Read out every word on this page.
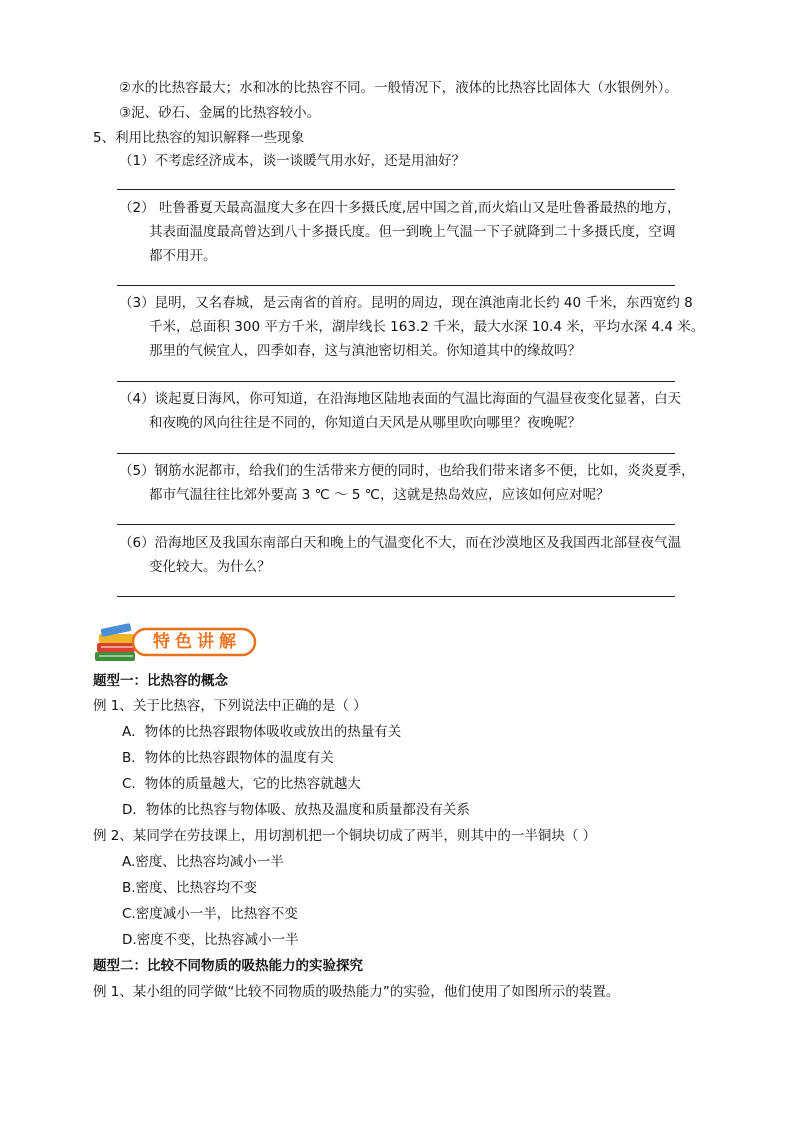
②水的比热容最大；水和冰的比热容不同。一般情况下，液体的比热容比固体大（水银例外）。
③泥、砂石、金属的比热容较小。
5、利用比热容的知识解释一些现象
（1）不考虑经济成本，谈一谈暖气用水好，还是用油好？
（2） 吐鲁番夏天最高温度大多在四十多摄氏度,居中国之首,而火焰山又是吐鲁番最热的地方，
其表面温度最高曾达到八十多摄氏度。但一到晚上气温一下子就降到二十多摄氏度，空调
都不用开。
（3）昆明，又名春城，是云南省的首府。昆明的周边，现在滇池南北长约 40 千米，东西宽约 8
千米，总面积 300 平方千米，湖岸线长 163.2 千米，最大水深 10.4 米，平均水深 4.4 米。
那里的气候宜人，四季如春，这与滇池密切相关。你知道其中的缘故吗？
（4）谈起夏日海风，你可知道，在沿海地区陆地表面的气温比海面的气温昼夜变化显著，白天
和夜晚的风向往往是不同的，你知道白天风是从哪里吹向哪里？夜晚呢？
（5）钢筋水泥都市，给我们的生活带来方便的同时，也给我们带来诸多不便，比如，炎炎夏季，
都市气温往往比郊外要高 3 ℃ ～ 5 ℃，这就是热岛效应，应该如何应对呢？
（6）沿海地区及我国东南部白天和晚上的气温变化不大，而在沙漠地区及我国西北部昼夜气温
变化较大。为什么？
特色讲解
题型一：比热容的概念
例 1、关于比热容，下列说法中正确的是（ ）
A．物体的比热容跟物体吸收或放出的热量有关
B．物体的比热容跟物体的温度有关
C．物体的质量越大，它的比热容就越大
D．物体的比热容与物体吸、放热及温度和质量都没有关系
例 2、某同学在劳技课上，用切割机把一个铜块切成了两半，则其中的一半铜块（ ）
A.密度、比热容均减小一半
B.密度、比热容均不变
C.密度减小一半，比热容不变
D.密度不变，比热容减小一半
题型二：比较不同物质的吸热能力的实验探究
例 1、某小组的同学做“比较不同物质的吸热能力”的实验，他们使用了如图所示的装置。
